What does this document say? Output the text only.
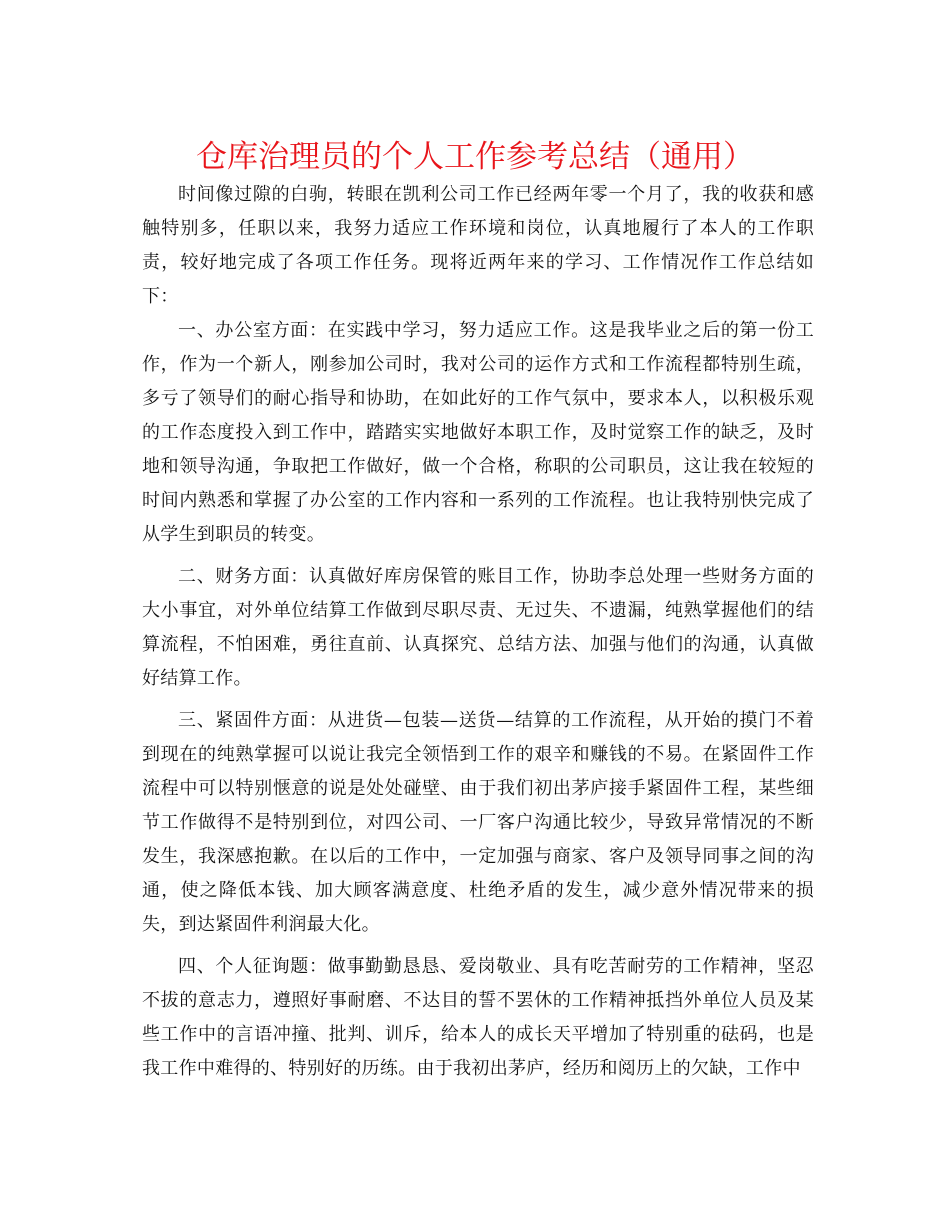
仓库治理员的个人工作参考总结（通用）

时间像过隙的白驹，转眼在凯利公司工作已经两年零一个月了，我的收获和感触特别多，任职以来，我努力适应工作环境和岗位，认真地履行了本人的工作职责，较好地完成了各项工作任务。现将近两年来的学习、工作情况作工作总结如下：

一、办公室方面：在实践中学习，努力适应工作。这是我毕业之后的第一份工作，作为一个新人，刚参加公司时，我对公司的运作方式和工作流程都特别生疏，多亏了领导们的耐心指导和协助，在如此好的工作气氛中，要求本人，以积极乐观的工作态度投入到工作中，踏踏实实地做好本职工作，及时觉察工作的缺乏，及时地和领导沟通，争取把工作做好，做一个合格，称职的公司职员，这让我在较短的时间内熟悉和掌握了办公室的工作内容和一系列的工作流程。也让我特别快完成了从学生到职员的转变。

二、财务方面：认真做好库房保管的账目工作，协助李总处理一些财务方面的大小事宜，对外单位结算工作做到尽职尽责、无过失、不遗漏，纯熟掌握他们的结算流程，不怕困难，勇往直前、认真探究、总结方法、加强与他们的沟通，认真做好结算工作。

三、紧固件方面：从进货—包装—送货—结算的工作流程，从开始的摸门不着到现在的纯熟掌握可以说让我完全领悟到工作的艰辛和赚钱的不易。在紧固件工作流程中可以特别惬意的说是处处碰壁、由于我们初出茅庐接手紧固件工程，某些细节工作做得不是特别到位，对四公司、一厂客户沟通比较少，导致异常情况的不断发生，我深感抱歉。在以后的工作中，一定加强与商家、客户及领导同事之间的沟通，使之降低本钱、加大顾客满意度、杜绝矛盾的发生，减少意外情况带来的损失，到达紧固件利润最大化。

四、个人征询题：做事勤勤恳恳、爱岗敬业、具有吃苦耐劳的工作精神，坚忍不拔的意志力，遵照好事耐磨、不达目的誓不罢休的工作精神抵挡外单位人员及某些工作中的言语冲撞、批判、训斥，给本人的成长天平增加了特别重的砝码，也是我工作中难得的、特别好的历练。由于我初出茅庐，经历和阅历上的欠缺，工作中
